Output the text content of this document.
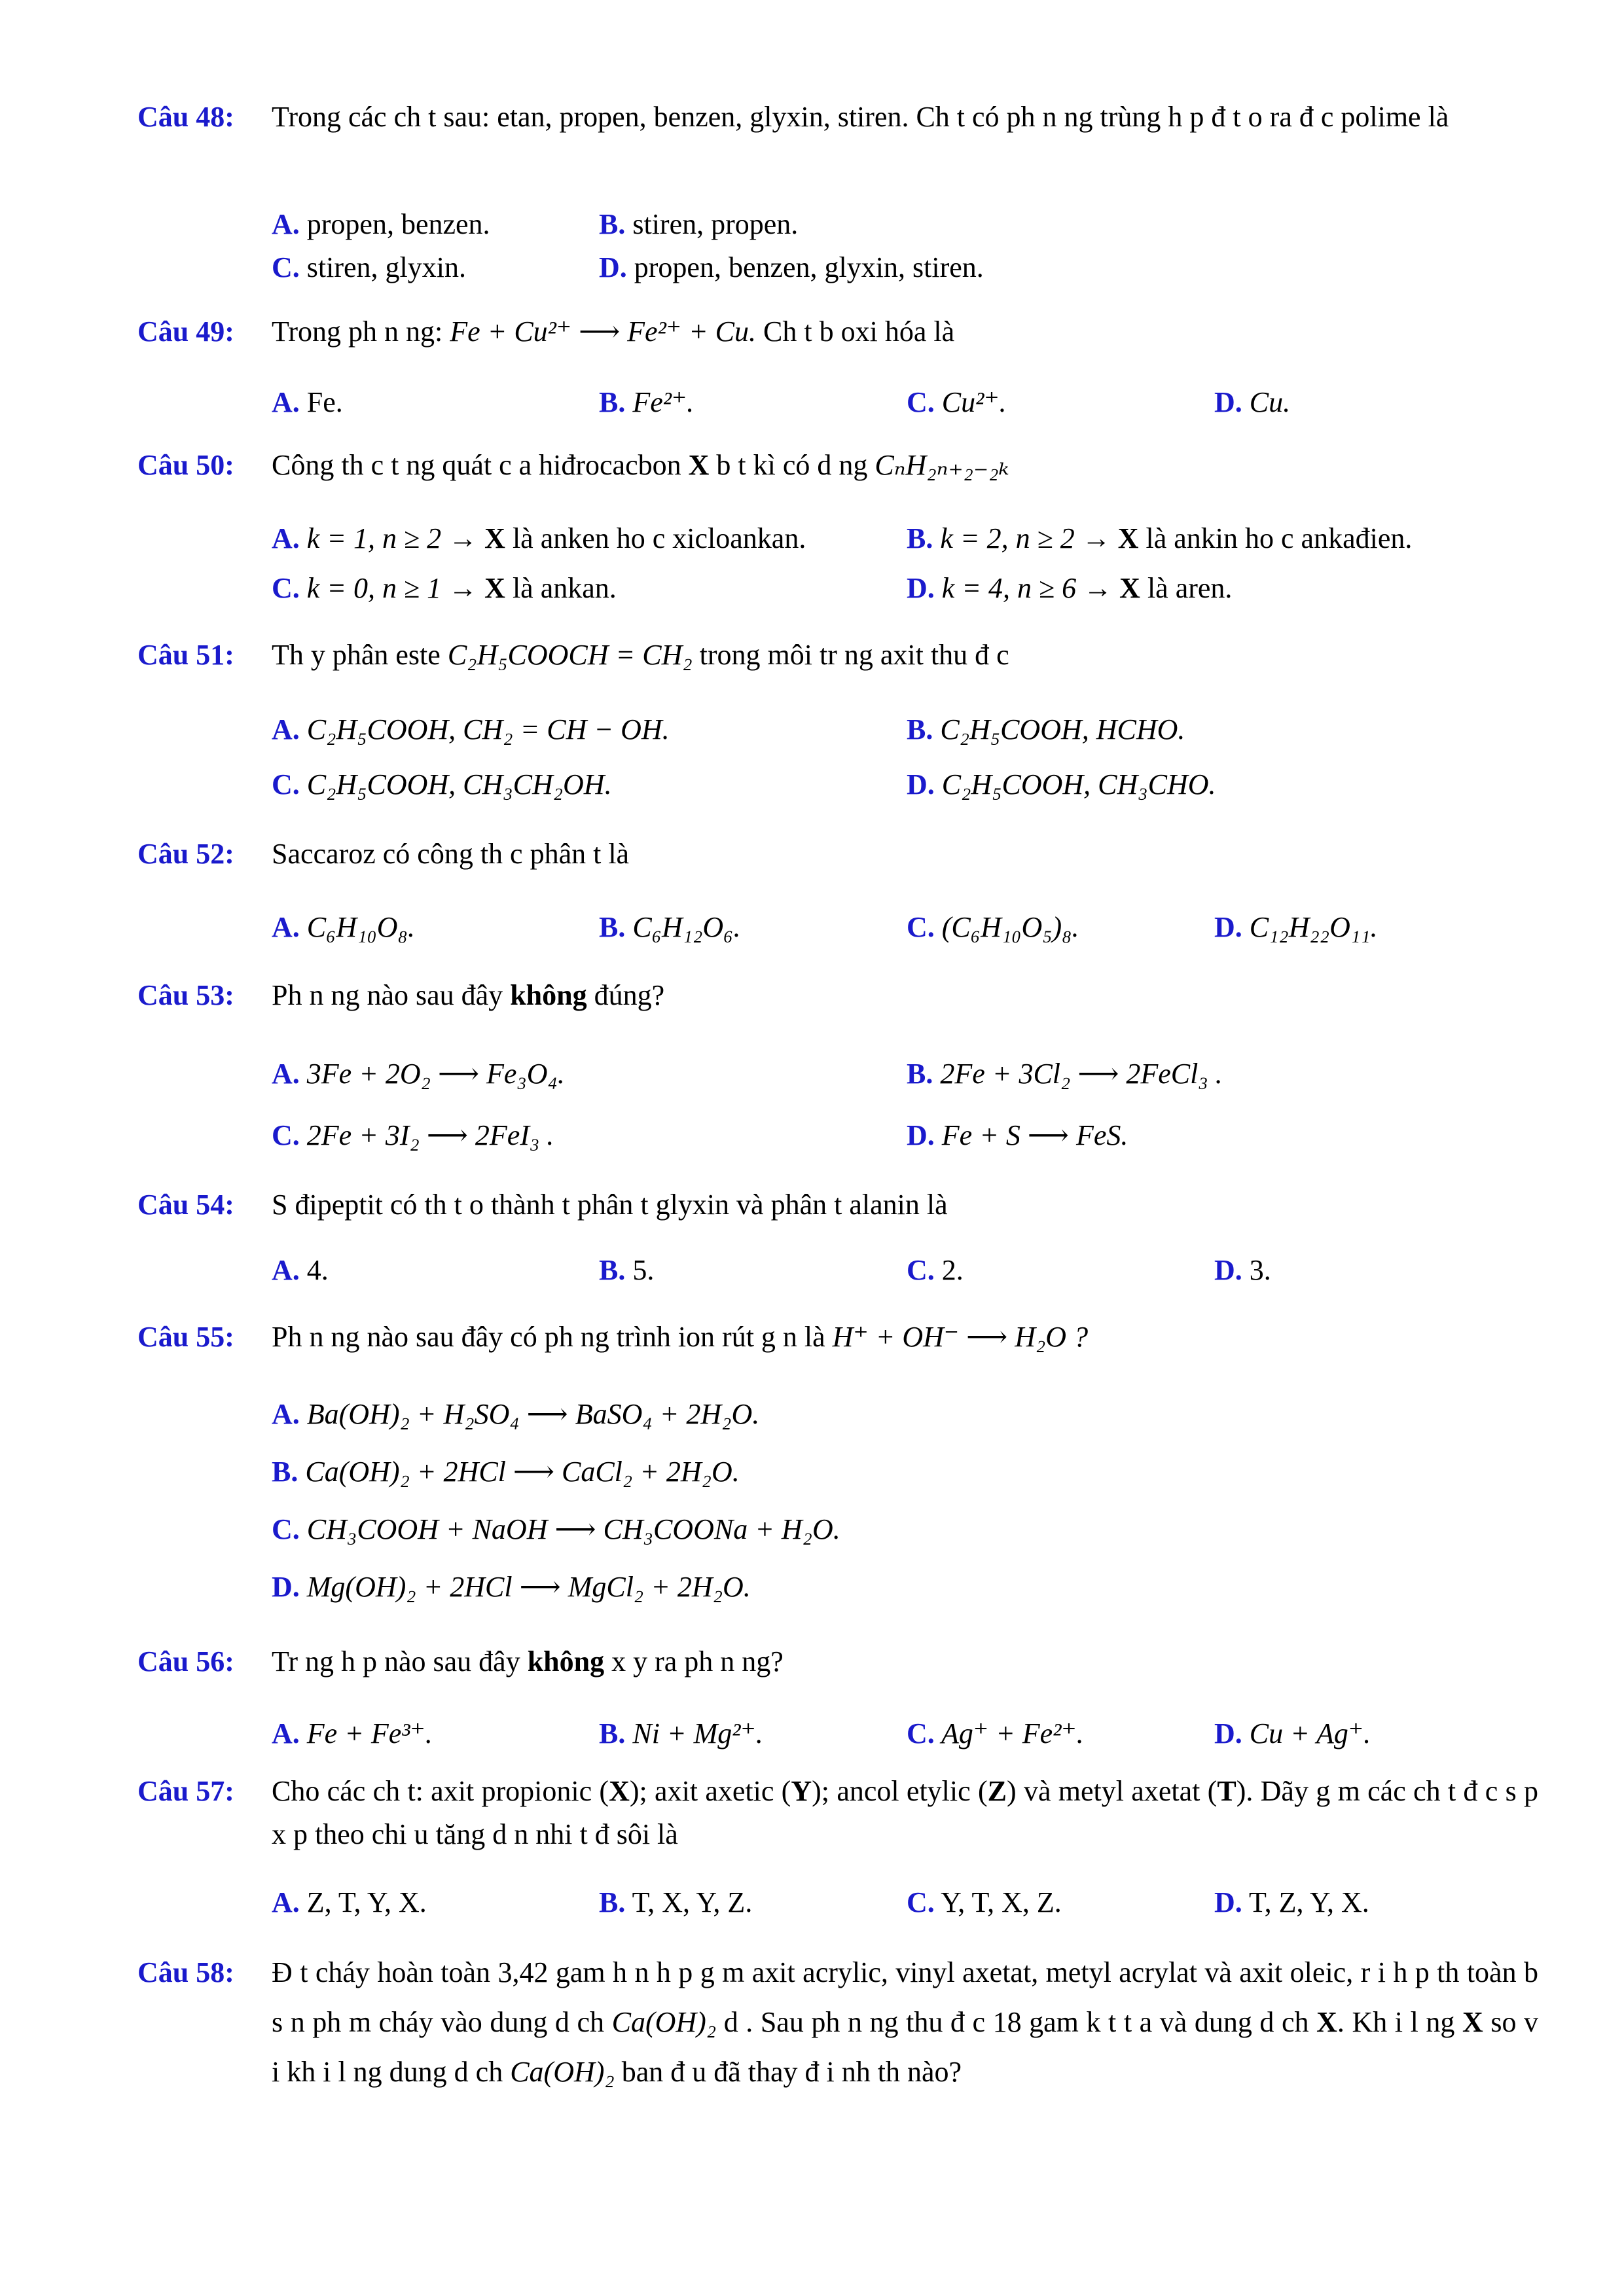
Câu 48: Trong các ch t sau: etan, propen, benzen, glyxin, stiren. Ch t có ph n ng trùng h p đ t o ra đ c polime là
A. propen, benzen.	B. stiren, propen.
C. stiren, glyxin.	D. propen, benzen, glyxin, stiren.
Câu 49: Trong ph n ng: Fe + Cu²⁺ ⟶ Fe²⁺ + Cu. Ch t b oxi hóa là
A. Fe.	B. Fe²⁺.	C. Cu²⁺.	D. Cu.
Câu 50: Công th c t ng quát c a hiđrocacbon X b t kì có d ng CₙH₂ₙ₊₂₋₂ₖ
A. k = 1, n ≥ 2 → X là anken ho c xicloankan.	B. k = 2, n ≥ 2 → X là ankin ho c ankađien.
C. k = 0, n ≥ 1 → X là ankan.	D. k = 4, n ≥ 6 → X là aren.
Câu 51: Th y phân este C₂H₅COOCH = CH₂ trong môi tr ng axit thu đ c
A. C₂H₅COOH, CH₂ = CH − OH.	B. C₂H₅COOH, HCHO.
C. C₂H₅COOH, CH₃CH₂OH.	D. C₂H₅COOH, CH₃CHO.
Câu 52: Saccaroz có công th c phân t là
A. C₆H₁₀O₈.	B. C₆H₁₂O₆.	C. (C₆H₁₀O₅)₈.	D. C₁₂H₂₂O₁₁.
Câu 53: Ph n ng nào sau đây không đúng?
A. 3Fe + 2O₂ ⟶ Fe₃O₄.	B. 2Fe + 3Cl₂ ⟶ 2FeCl₃ .
C. 2Fe + 3I₂ ⟶ 2FeI₃ .	D. Fe + S ⟶ FeS.
Câu 54: S đipeptit có th t o thành t phân t glyxin và phân t alanin là
A. 4.	B. 5.	C. 2.	D. 3.
Câu 55: Ph n ng nào sau đây có ph ng trình ion rút g n là H⁺ + OH⁻ ⟶ H₂O ?
A. Ba(OH)₂ + H₂SO₄ ⟶ BaSO₄ + 2H₂O.
B. Ca(OH)₂ + 2HCl ⟶ CaCl₂ + 2H₂O.
C. CH₃COOH + NaOH ⟶ CH₃COONa + H₂O.
D. Mg(OH)₂ + 2HCl ⟶ MgCl₂ + 2H₂O.
Câu 56: Tr ng h p nào sau đây không x y ra ph n ng?
A. Fe + Fe³⁺.	B. Ni + Mg²⁺.	C. Ag⁺ + Fe²⁺.	D. Cu + Ag⁺.
Câu 57: Cho các ch t: axit propionic (X); axit axetic (Y); ancol etylic (Z) và metyl axetat (T). Dãy g m các ch t đ c s p x p theo chi u tăng d n nhi t đ sôi là
A. Z, T, Y, X.	B. T, X, Y, Z.	C. Y, T, X, Z.	D. T, Z, Y, X.
Câu 58: Đ t cháy hoàn toàn 3,42 gam h n h p g m axit acrylic, vinyl axetat, metyl acrylat và axit oleic, r i h p th toàn b s n ph m cháy vào dung d ch Ca(OH)₂ d . Sau ph n ng thu đ c 18 gam k t t a và dung d ch X. Kh i l ng X so v i kh i l ng dung d ch Ca(OH)₂ ban đ u đã thay đ i nh th nào?
